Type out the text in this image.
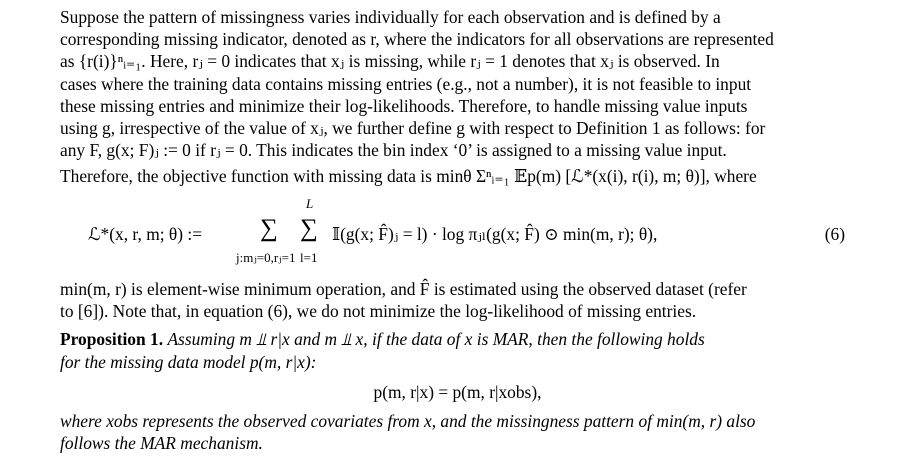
Suppose the pattern of missingness varies individually for each observation and is defined by a
corresponding missing indicator, denoted as r, where the indicators for all observations are represented
as {r(i)}ⁿᵢ₌₁. Here, rⱼ = 0 indicates that xⱼ is missing, while rⱼ = 1 denotes that xⱼ is observed. In
cases where the training data contains missing entries (e.g., not a number), it is not feasible to input
these missing entries and minimize their log-likelihoods. Therefore, to handle missing value inputs
using g, irrespective of the value of xⱼ, we further define g with respect to Definition 1 as follows: for
any F, g(x; F)ⱼ := 0 if rⱼ = 0. This indicates the bin index ‘0’ is assigned to a missing value input.
Therefore, the objective function with missing data is minθ Σⁿᵢ₌₁ 𝔼p(m) [ℒ*(x(i), r(i), m; θ)], where
ℒ*(x, r, m; θ) :=
L
∑ ∑
j:mⱼ=0,rⱼ=1 l=1
𝕀(g(x; F̂)ⱼ = l) · log πⱼₗ(g(x; F̂) ⊙ min(m, r); θ),	(6)
min(m, r) is element-wise minimum operation, and F̂ is estimated using the observed dataset (refer
to [6]). Note that, in equation (6), we do not minimize the log-likelihood of missing entries.
Proposition 1. Assuming m ⫫ r|x and m ⫫ x, if the data of x is MAR, then the following holds
for the missing data model p(m, r|x):
p(m, r|x) = p(m, r|xobs),
where xobs represents the observed covariates from x, and the missingness pattern of min(m, r) also
follows the MAR mechanism.
